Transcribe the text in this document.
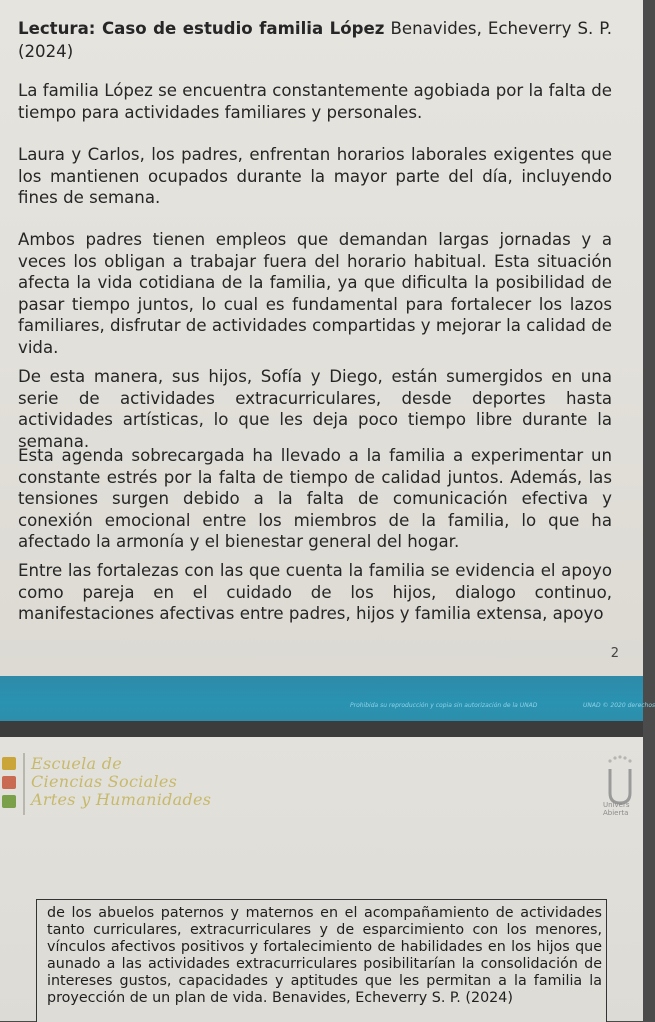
Lectura: Caso de estudio familia López Benavides, Echeverry S. P. (2024)

La familia López se encuentra constantemente agobiada por la falta de tiempo para actividades familiares y personales.

Laura y Carlos, los padres, enfrentan horarios laborales exigentes que los mantienen ocupados durante la mayor parte del día, incluyendo fines de semana.

Ambos padres tienen empleos que demandan largas jornadas y a veces los obligan a trabajar fuera del horario habitual. Esta situación afecta la vida cotidiana de la familia, ya que dificulta la posibilidad de pasar tiempo juntos, lo cual es fundamental para fortalecer los lazos familiares, disfrutar de actividades compartidas y mejorar la calidad de vida.

De esta manera, sus hijos, Sofía y Diego, están sumergidos en una serie de actividades extracurriculares, desde deportes hasta actividades artísticas, lo que les deja poco tiempo libre durante la semana.

Esta agenda sobrecargada ha llevado a la familia a experimentar un constante estrés por la falta de tiempo de calidad juntos. Además, las tensiones surgen debido a la falta de comunicación efectiva y conexión emocional entre los miembros de la familia, lo que ha afectado la armonía y el bienestar general del hogar.

Entre las fortalezas con las que cuenta la familia se evidencia el apoyo como pareja en el cuidado de los hijos, dialogo continuo, manifestaciones afectivas entre padres, hijos y familia extensa, apoyo

2

Prohibida su reproducción y copia sin autorización de la UNAD	UNAD © 2020 derechos

Escuela de

Ciencias Sociales

Artes y Humanidades	Univers
Abierta

de los abuelos paternos y maternos en el acompañamiento de actividades tanto curriculares, extracurriculares y de esparcimiento con los menores, vínculos afectivos positivos y fortalecimiento de habilidades en los hijos que aunado a las actividades extracurriculares posibilitarían la consolidación de intereses gustos, capacidades y aptitudes que les permitan a la familia la proyección de un plan de vida. Benavides, Echeverry S. P. (2024)
